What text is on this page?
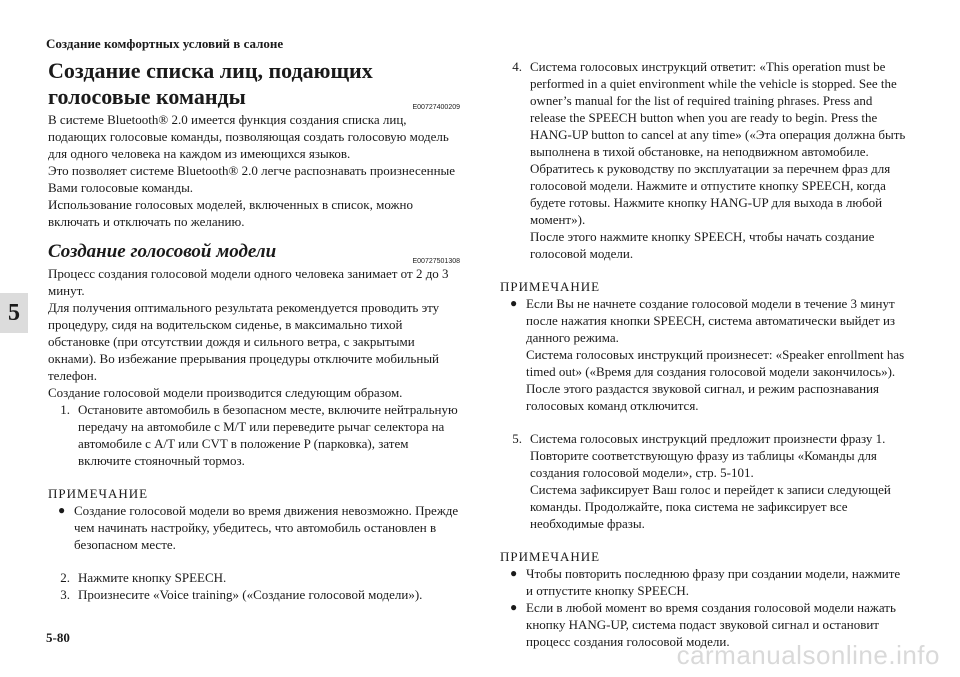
Создание комфортных условий в салоне
5
5-80
carmanualsonline.info
Создание списка лиц, подающих голосовые команды	E00727400209

В системе Bluetooth® 2.0 имеется функция создания списка лиц, подающих голосовые команды, позволяющая создать голосовую модель для одного человека на каждом из имеющихся языков.

Это позволяет системе Bluetooth® 2.0 легче распознавать произнесенные Вами голосовые команды.

Использование голосовых моделей, включенных в список, можно включать и отключать по желанию.

Создание голосовой модели	E00727501308

Процесс создания голосовой модели одного человека занимает от 2 до 3 минут.

Для получения оптимального результата рекомендуется проводить эту процедуру, сидя на водительском сиденье, в максимально тихой обстановке (при отсутствии дождя и сильного ветра, с закрытыми окнами). Во избежание прерывания процедуры отключите мобильный телефон.

Создание голосовой модели производится следующим образом.

1. Остановите автомобиль в безопасном месте, включите нейтральную передачу на автомобиле с M/T или переведите рычаг селектора на автомобиле с A/T или CVT в положение P (парковка), затем включите стояночный тормоз.
ПРИМЕЧАНИЕ
● Создание голосовой модели во время движения невозможно. Прежде чем начинать настройку, убедитесь, что автомобиль остановлен в безопасном месте.
2. Нажмите кнопку SPEECH.
3. Произнесите «Voice training» («Создание голосовой модели»).
4. Система голосовых инструкций ответит: «This operation must be performed in a quiet environment while the vehicle is stopped. See the owner’s manual for the list of required training phrases. Press and release the SPEECH button when you are ready to begin. Press the HANG-UP button to cancel at any time» («Эта операция должна быть выполнена в тихой обстановке, на неподвижном автомобиле. Обратитесь к руководству по эксплуатации за перечнем фраз для голосовой модели. Нажмите и отпустите кнопку SPEECH, когда будете готовы. Нажмите кнопку HANG-UP для выхода в любой момент»).
После этого нажмите кнопку SPEECH, чтобы начать создание голосовой модели.
ПРИМЕЧАНИЕ
● Если Вы не начнете создание голосовой модели в течение 3 минут после нажатия кнопки SPEECH, система автоматически выйдет из данного режима.
Система голосовых инструкций произнесет: «Speaker enrollment has timed out» («Время для создания голосовой модели закончилось»). После этого раздастся звуковой сигнал, и режим распознавания голосовых команд отключится.
5. Система голосовых инструкций предложит произнести фразу 1. Повторите соответствующую фразу из таблицы «Команды для создания голосовой модели», стр. 5-101.
Система зафиксирует Ваш голос и перейдет к записи следующей команды. Продолжайте, пока система не зафиксирует все необходимые фразы.
ПРИМЕЧАНИЕ
● Чтобы повторить последнюю фразу при создании модели, нажмите и отпустите кнопку SPEECH.
● Если в любой момент во время создания голосовой модели нажать кнопку HANG-UP, система подаст звуковой сигнал и остановит процесс создания голосовой модели.
